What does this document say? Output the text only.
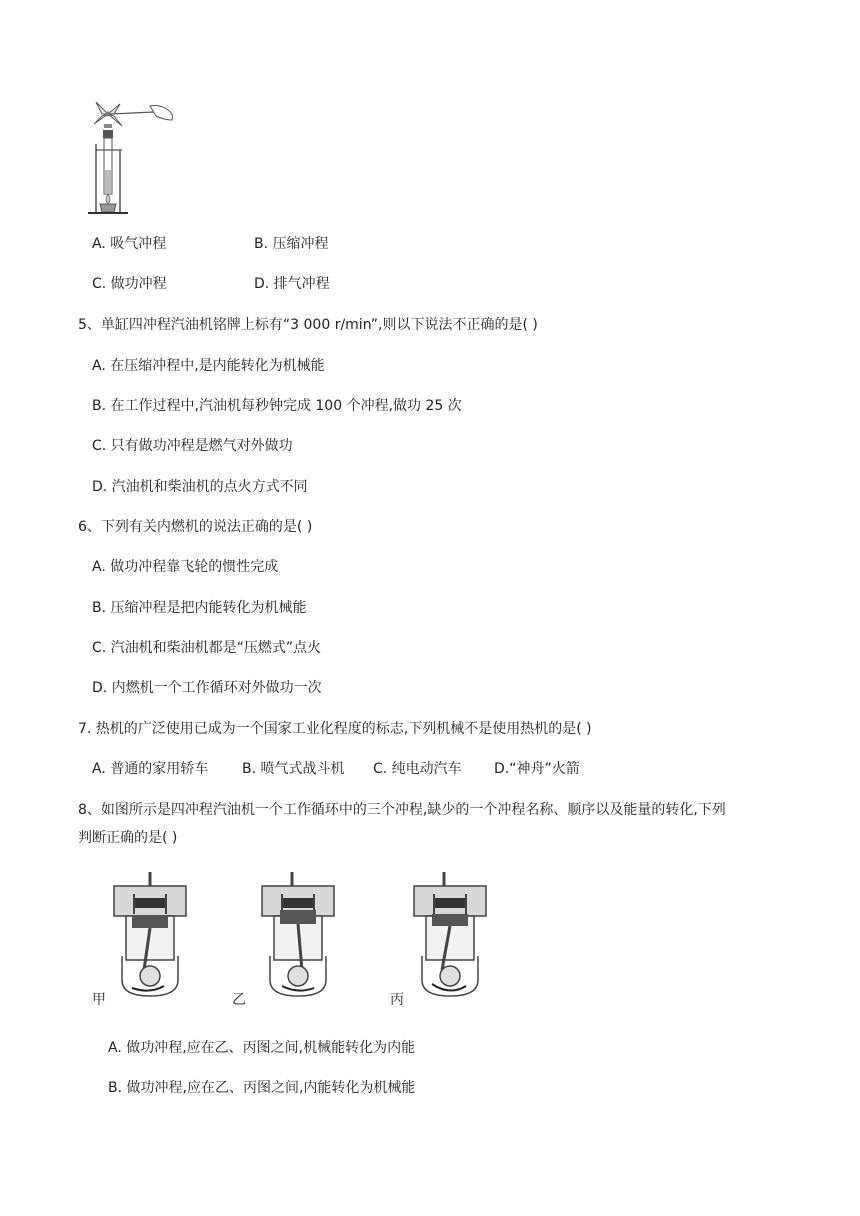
A. 吸气冲程	B. 压缩冲程
C. 做功冲程	D. 排气冲程
5、单缸四冲程汽油机铭牌上标有“3 000 r/min”,则以下说法不正确的是( )
A. 在压缩冲程中,是内能转化为机械能
B. 在工作过程中,汽油机每秒钟完成 100 个冲程,做功 25 次
C. 只有做功冲程是燃气对外做功
D. 汽油机和柴油机的点火方式不同
6、下列有关内燃机的说法正确的是( )
A. 做功冲程靠飞轮的惯性完成
B. 压缩冲程是把内能转化为机械能
C. 汽油机和柴油机都是“压燃式”点火
D. 内燃机一个工作循环对外做功一次
7. 热机的广泛使用已成为一个国家工业化程度的标志,下列机械不是使用热机的是( )
A. 普通的家用轿车 B. 喷气式战斗机 C. 纯电动汽车 D.“神舟”火箭
8、如图所示是四冲程汽油机一个工作循环中的三个冲程,缺少的一个冲程名称、顺序以及能量的转化,下列
判断正确的是( )
甲	乙	丙
A. 做功冲程,应在乙、丙图之间,机械能转化为内能
B. 做功冲程,应在乙、丙图之间,内能转化为机械能
